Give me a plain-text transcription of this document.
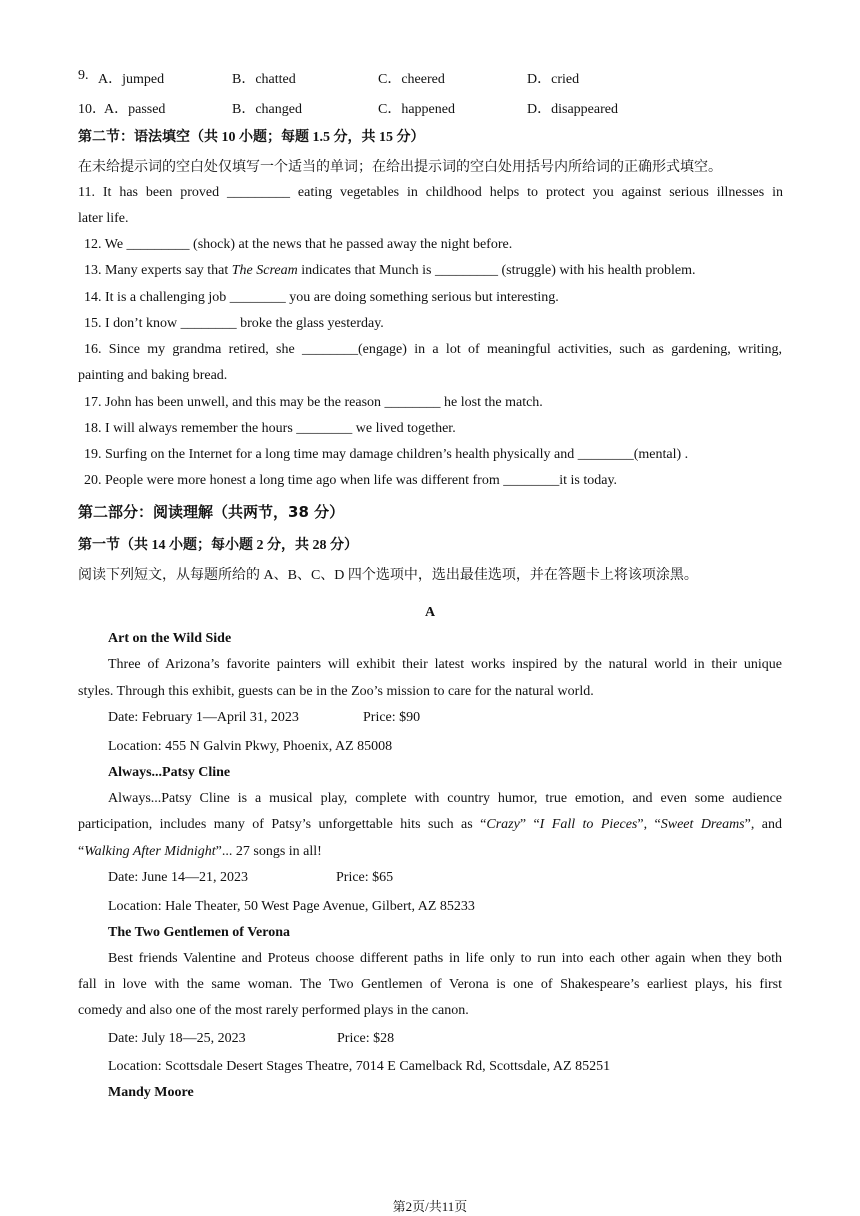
9. A．jumped	B．chatted	C．cheered	D．cried
10．
A．passed	B．changed	C．happened	D．disappeared
第二节：语法填空（共 10 小题；每题 1.5 分，共 15 分）
在未给提示词的空白处仅填写一个适当的单词；在给出提示词的空白处用括号内所给词的正确形式填空。
11. It has been proved _________ eating vegetables in childhood helps to protect you against serious illnesses in
later life.
12. We _________ (shock) at the news that he passed away the night before.
13. Many experts say that The Scream indicates that Munch is _________ (struggle) with his health problem.
14. It is a challenging job ________ you are doing something serious but interesting.
15. I don’t know ________ broke the glass yesterday.
16. Since my grandma retired, she ________(engage) in a lot of meaningful activities, such as gardening, writing,
painting and baking bread.
17. John has been unwell, and this may be the reason ________ he lost the match.
18. I will always remember the hours ________ we lived together.
19. Surfing on the Internet for a long time may damage children’s health physically and ________(mental) .
20. People were more honest a long time ago when life was different from ________it is today.
第二部分：阅读理解（共两节，38 分）
第一节（共 14 小题；每小题 2 分，共 28 分）
阅读下列短文，从每题所给的 A、B、C、D 四个选项中，选出最佳选项，并在答题卡上将该项涂黑。
A
Art on the Wild Side
Three of Arizona’s favorite painters will exhibit their latest works inspired by the natural world in their unique
styles. Through this exhibit, guests can be in the Zoo’s mission to care for the natural world.
Date: February 1—April 31, 2023	Price: $90
Location: 455 N Galvin Pkwy, Phoenix, AZ 85008
Always...Patsy Cline
Always...Patsy Cline is a musical play, complete with country humor, true emotion, and even some audience
participation, includes many of Patsy’s unforgettable hits such as “Crazy” “I Fall to Pieces”, “Sweet Dreams”, and
“Walking After Midnight”... 27 songs in all!
Date: June 14—21, 2023	Price: $65
Location: Hale Theater, 50 West Page Avenue, Gilbert, AZ 85233
The Two Gentlemen of Verona
Best friends Valentine and Proteus choose different paths in life only to run into each other again when they both
fall in love with the same woman. The Two Gentlemen of Verona is one of Shakespeare’s earliest plays, his first
comedy and also one of the most rarely performed plays in the canon.
Date: July 18—25, 2023	Price: $28
Location: Scottsdale Desert Stages Theatre, 7014 E Camelback Rd, Scottsdale, AZ 85251
Mandy Moore
第2页/共11页
